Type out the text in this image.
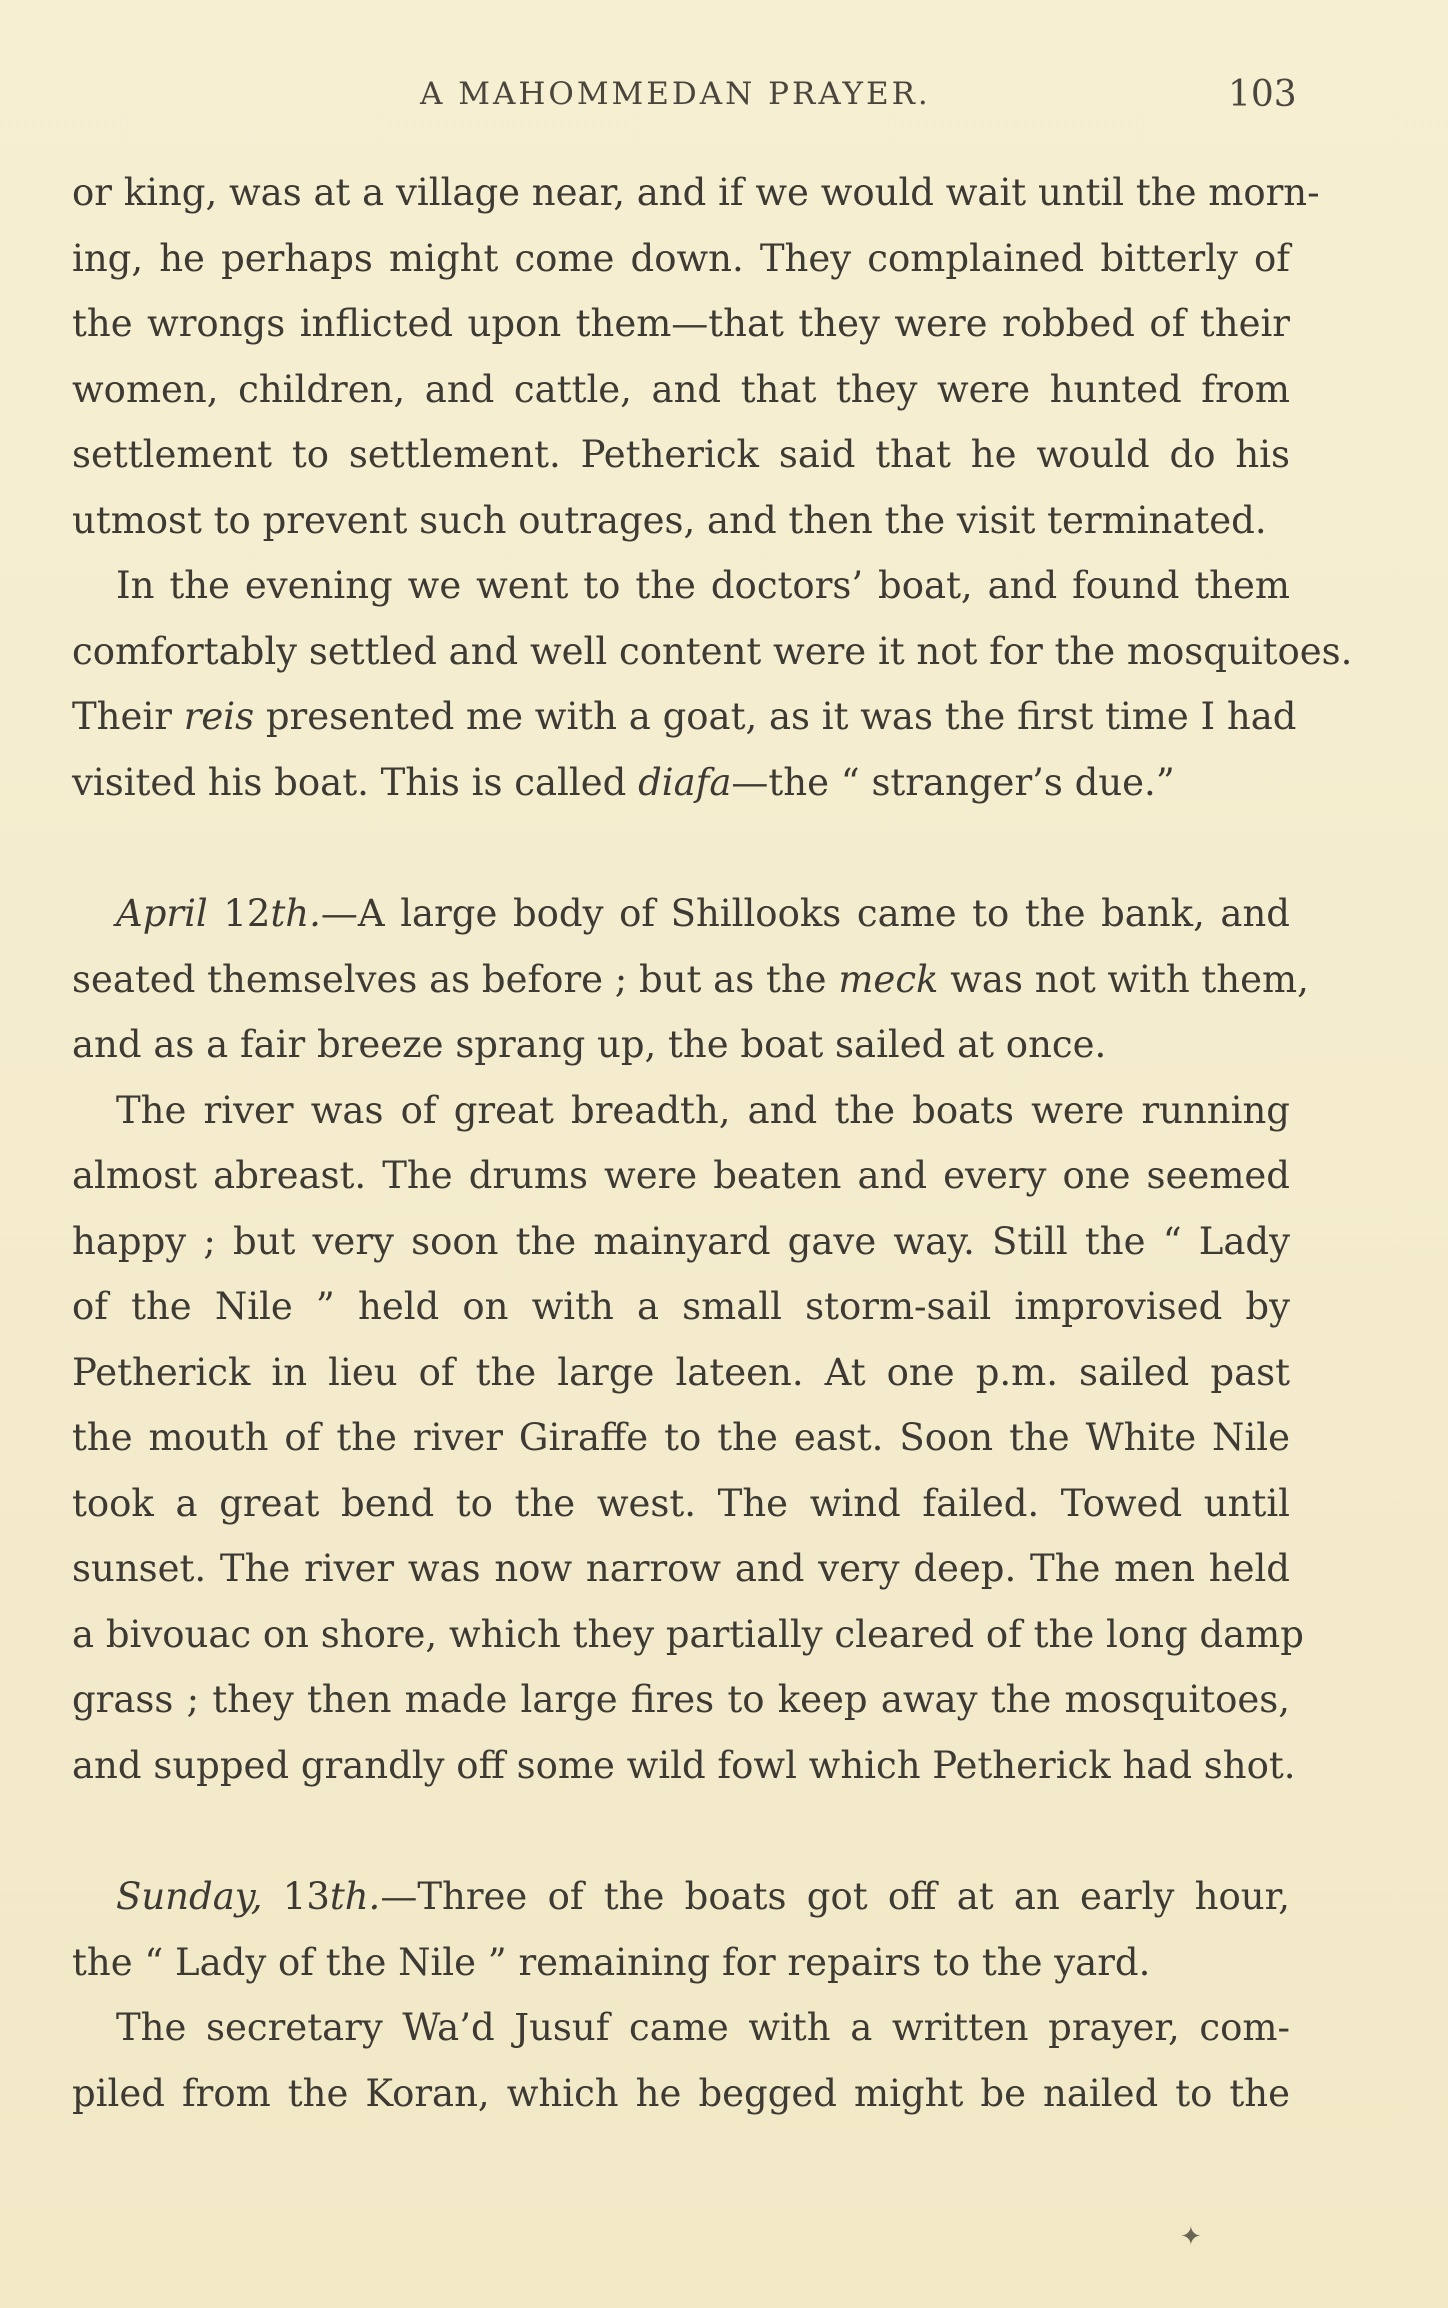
A MAHOMMEDAN PRAYER.	103
or king, was at a village near, and if we would wait until the morn-
ing, he perhaps might come down. They complained bitterly of
the wrongs inflicted upon them—that they were robbed of their
women, children, and cattle, and that they were hunted from
settlement to settlement. Petherick said that he would do his
utmost to prevent such outrages, and then the visit terminated.
In the evening we went to the doctors’ boat, and found them
comfortably settled and well content were it not for the mosquitoes.
Their reis presented me with a goat, as it was the first time I had
visited his boat. This is called diafa—the “ stranger’s due.”
April 12th.—A large body of Shillooks came to the bank, and
seated themselves as before ; but as the meck was not with them,
and as a fair breeze sprang up, the boat sailed at once.
The river was of great breadth, and the boats were running
almost abreast. The drums were beaten and every one seemed
happy ; but very soon the mainyard gave way. Still the “ Lady
of the Nile ” held on with a small storm-sail improvised by
Petherick in lieu of the large lateen. At one p.m. sailed past
the mouth of the river Giraffe to the east. Soon the White Nile
took a great bend to the west. The wind failed. Towed until
sunset. The river was now narrow and very deep. The men held
a bivouac on shore, which they partially cleared of the long damp
grass ; they then made large fires to keep away the mosquitoes,
and supped grandly off some wild fowl which Petherick had shot.
Sunday, 13th.—Three of the boats got off at an early hour,
the “ Lady of the Nile ” remaining for repairs to the yard.
The secretary Wa’d Jusuf came with a written prayer, com-
piled from the Koran, which he begged might be nailed to the
✦
